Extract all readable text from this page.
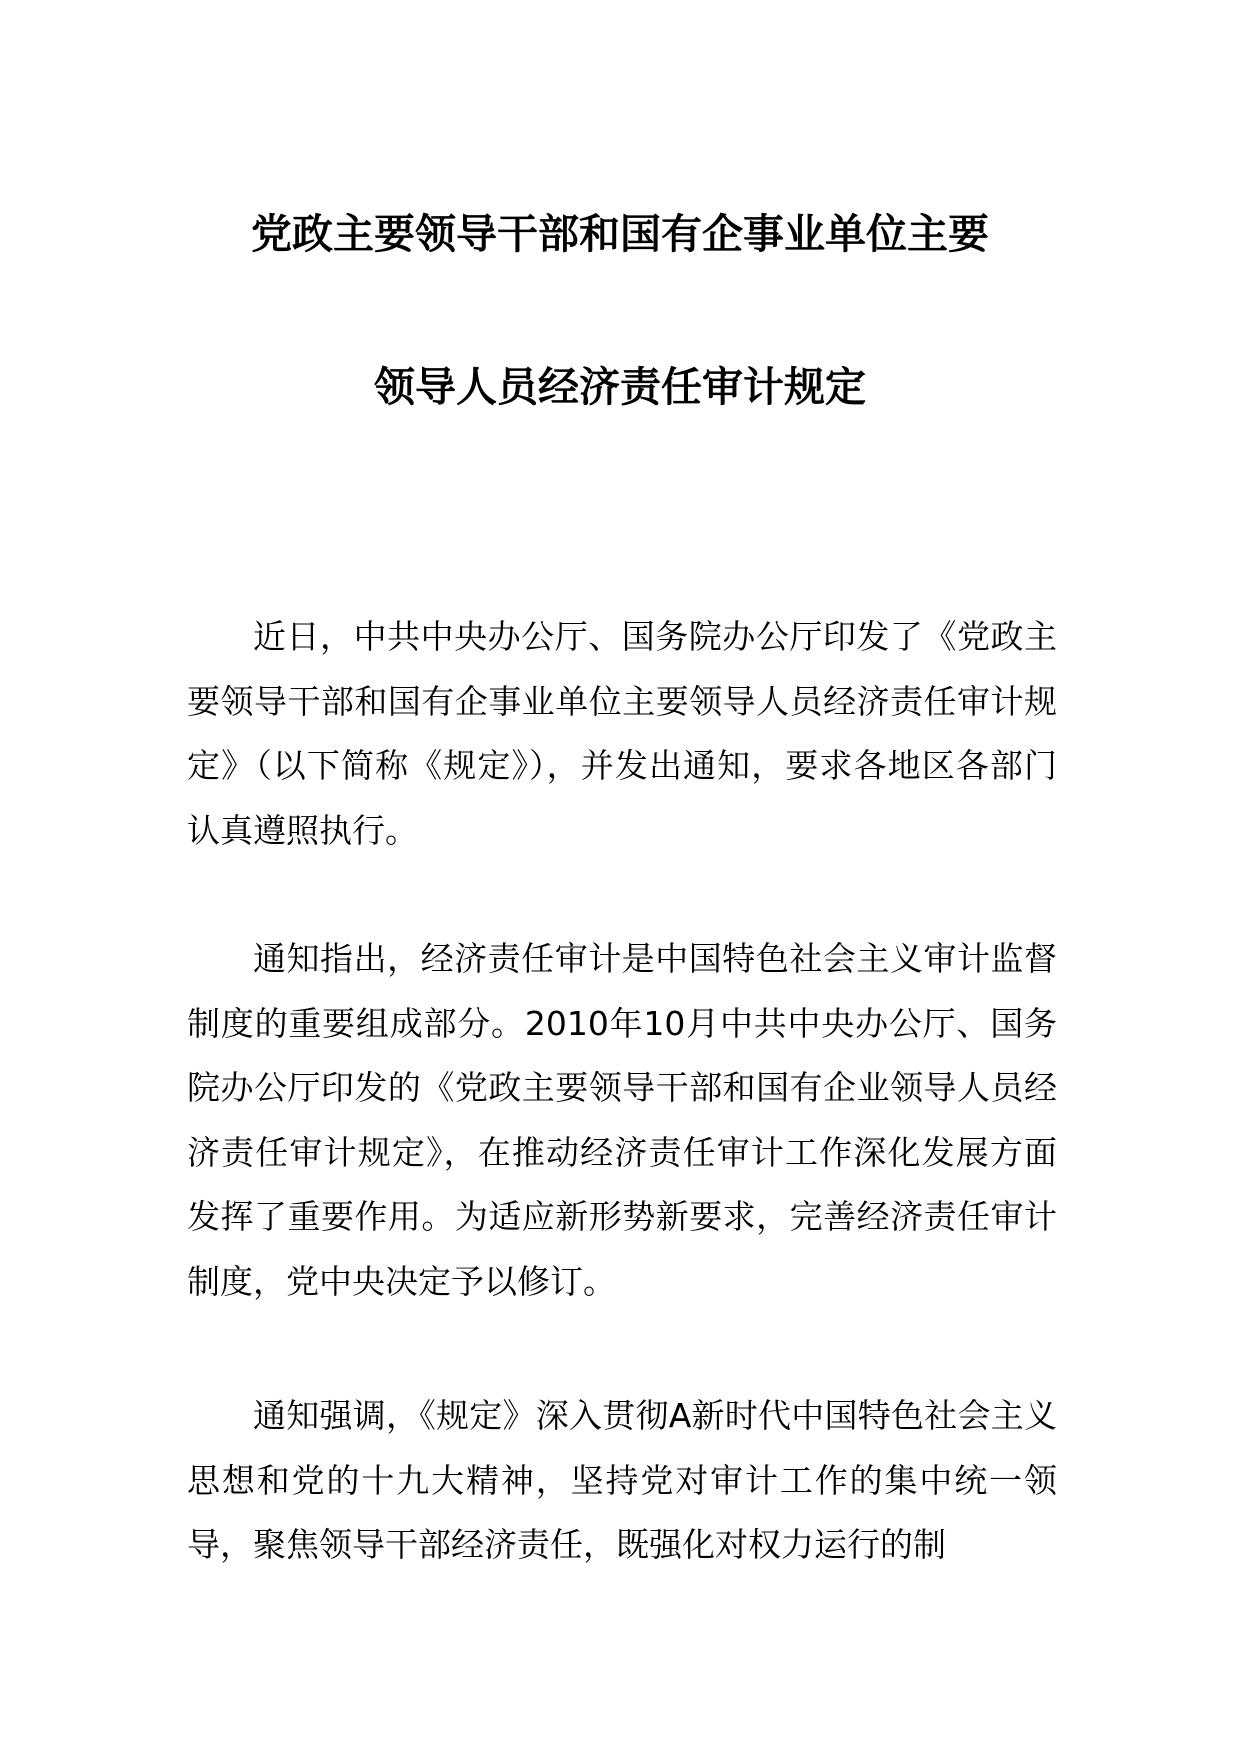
党政主要领导干部和国有企事业单位主要
领导人员经济责任审计规定

近日，中共中央办公厅、国务院办公厅印发了《党政主要领导干部和国有企事业单位主要领导人员经济责任审计规定》（以下简称《规定》），并发出通知，要求各地区各部门认真遵照执行。

通知指出，经济责任审计是中国特色社会主义审计监督制度的重要组成部分。2010年10月中共中央办公厅、国务院办公厅印发的《党政主要领导干部和国有企业领导人员经济责任审计规定》，在推动经济责任审计工作深化发展方面发挥了重要作用。为适应新形势新要求，完善经济责任审计制度，党中央决定予以修订。

通知强调，《规定》深入贯彻A新时代中国特色社会主义思想和党的十九大精神，坚持党对审计工作的集中统一领导，聚焦领导干部经济责任，既强化对权力运行的制
